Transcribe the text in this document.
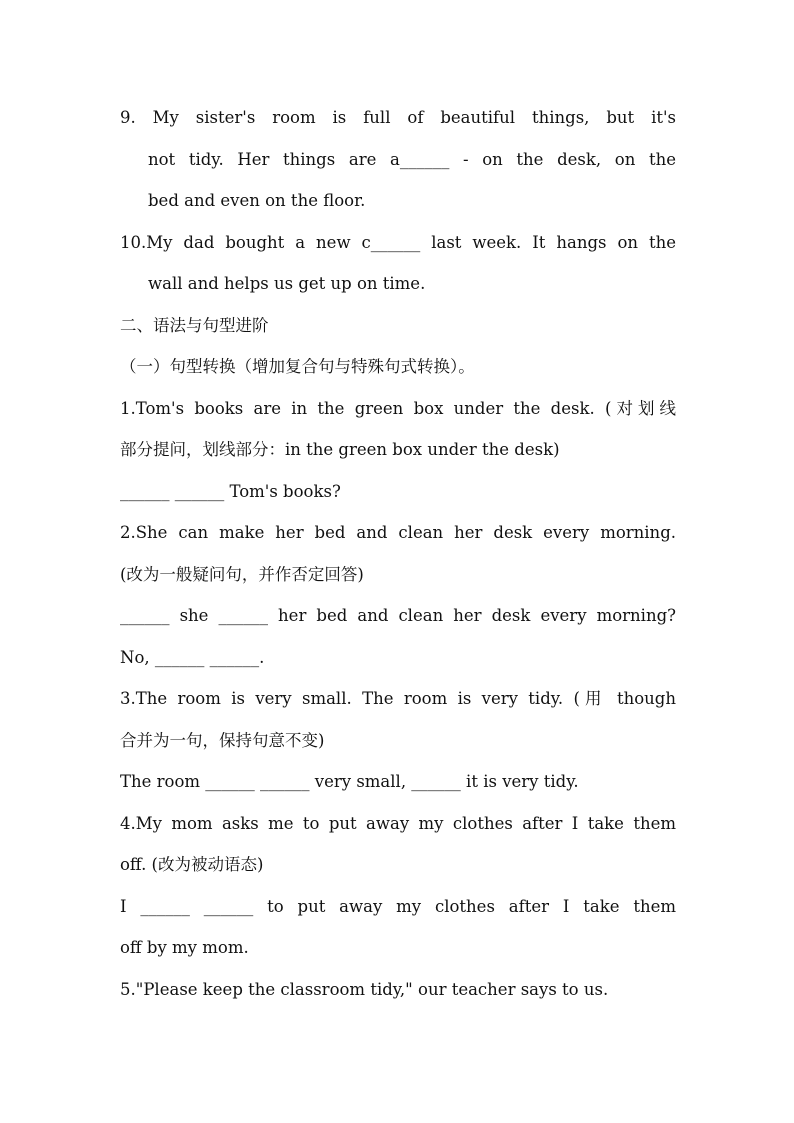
9. My sister's room is full of beautiful things, but it's
not tidy. Her things are a______ - on the desk, on the
bed and even on the floor.
10.My dad bought a new c______ last week. It hangs on the
wall and helps us get up on time.
二、语法与句型进阶
（一）句型转换（增加复合句与特殊句式转换）。
1.Tom's books are in the green box under the desk. (对划线
部分提问，划线部分：in the green box under the desk)
______ ______ Tom's books?
2.She can make her bed and clean her desk every morning.
(改为一般疑问句，并作否定回答)
______ she ______ her bed and clean her desk every morning?
No, ______ ______.
3.The room is very small. The room is very tidy. (用 though
合并为一句，保持句意不变)
The room ______ ______ very small, ______ it is very tidy.
4.My mom asks me to put away my clothes after I take them
off. (改为被动语态)
I ______ ______ to put away my clothes after I take them
off by my mom.
5."Please keep the classroom tidy," our teacher says to us.
